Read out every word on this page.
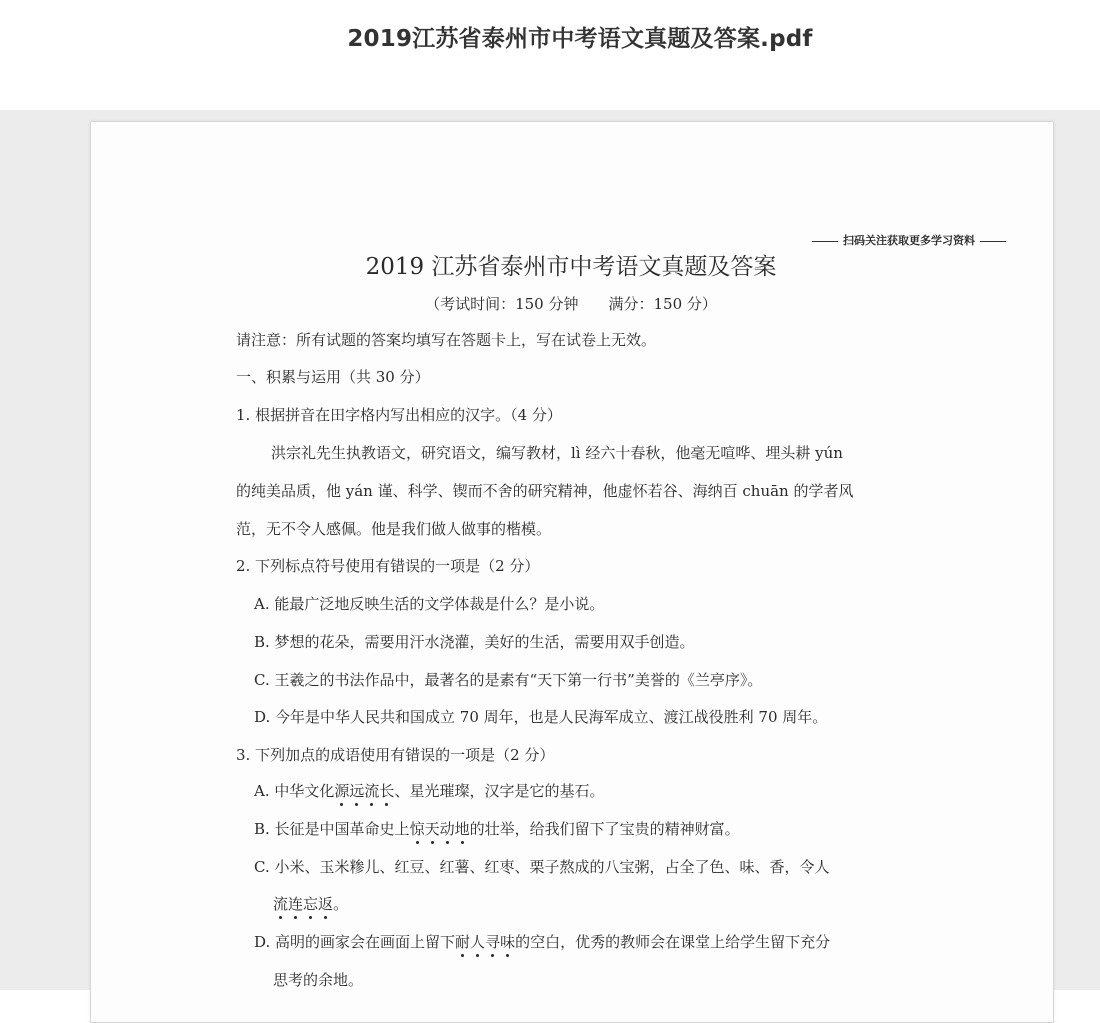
2019江苏省泰州市中考语文真题及答案.pdf
扫码关注获取更多学习资料
2019 江苏省泰州市中考语文真题及答案
（考试时间：150 分钟　　满分：150 分）
请注意：所有试题的答案均填写在答题卡上，写在试卷上无效。
一、积累与运用（共 30 分）
1. 根据拼音在田字格内写出相应的汉字。（4 分）
洪宗礼先生执教语文，研究语文，编写教材，lì 经六十春秋，他毫无喧哗、埋头耕 yún
的纯美品质，他 yán 谨、科学、锲而不舍的研究精神，他虚怀若谷、海纳百 chuān 的学者风
范，无不令人感佩。他是我们做人做事的楷模。
2. 下列标点符号使用有错误的一项是（2 分）
A. 能最广泛地反映生活的文学体裁是什么？是小说。
B. 梦想的花朵，需要用汗水浇灌，美好的生活，需要用双手创造。
C. 王羲之的书法作品中，最著名的是素有“天下第一行书”美誉的《兰亭序》。
D. 今年是中华人民共和国成立 70 周年，也是人民海军成立、渡江战役胜利 70 周年。
3. 下列加点的成语使用有错误的一项是（2 分）
A. 中华文化源远流长、星光璀璨，汉字是它的基石。
B. 长征是中国革命史上惊天动地的壮举，给我们留下了宝贵的精神财富。
C. 小米、玉米糁儿、红豆、红薯、红枣、栗子熬成的八宝粥，占全了色、味、香，令人
流连忘返。
D. 高明的画家会在画面上留下耐人寻味的空白，优秀的教师会在课堂上给学生留下充分
思考的余地。
